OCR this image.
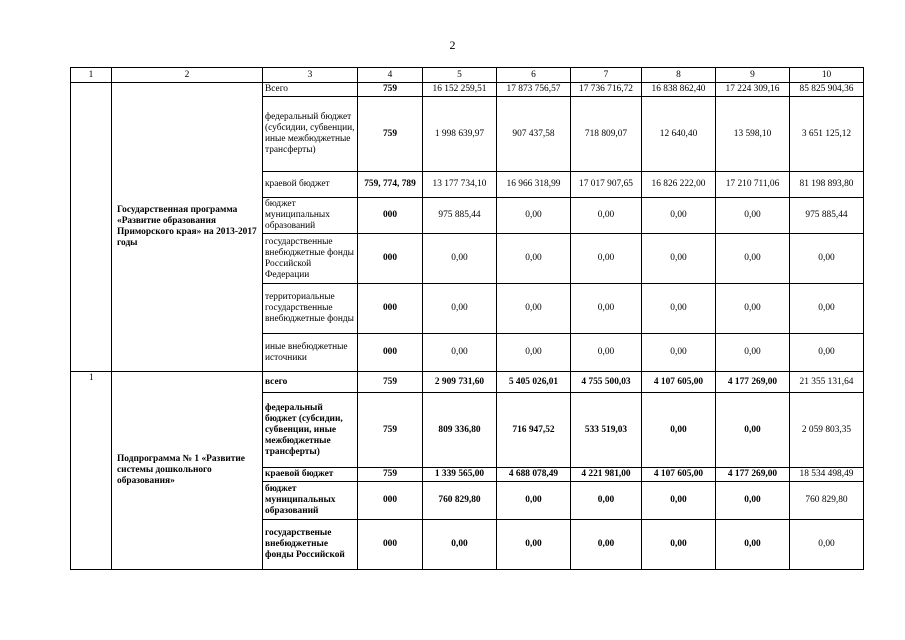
2
1	2	3	4	5	6	7	8	9	10
	Государственная программа «Развитие образования Приморского края» на 2013-2017 годы	Всего	759	16 152 259,51	17 873 756,57	17 736 716,72	16 838 862,40	17 224 309,16	85 825 904,36
		федеральный бюджет (субсидии, субвенции, иные межбюджетные трансферты)	759	1 998 639,97	907 437,58	718 809,07	12 640,40	13 598,10	3 651 125,12
		краевой бюджет	759, 774, 789	13 177 734,10	16 966 318,99	17 017 907,65	16 826 222,00	17 210 711,06	81 198 893,80
		бюджет муниципальных образований	000	975 885,44	0,00	0,00	0,00	0,00	975 885,44
		государственные внебюджетные фонды Российской Федерации	000	0,00	0,00	0,00	0,00	0,00	0,00
		территориальные государственные внебюджетные фонды	000	0,00	0,00	0,00	0,00	0,00	0,00
		иные внебюджетные источники	000	0,00	0,00	0,00	0,00	0,00	0,00
1	Подпрограмма № 1 «Развитие системы дошкольного образования»	всего	759	2 909 731,60	5 405 026,01	4 755 500,03	4 107 605,00	4 177 269,00	21 355 131,64
		федеральный бюджет (субсидии, субвенции, иные межбюджетные трансферты)	759	809 336,80	716 947,52	533 519,03	0,00	0,00	2 059 803,35
		краевой бюджет	759	1 339 565,00	4 688 078,49	4 221 981,00	4 107 605,00	4 177 269,00	18 534 498,49
		бюджет муниципальных образований	000	760 829,80	0,00	0,00	0,00	0,00	760 829,80
		государственые внебюджетные фонды Российской	000	0,00	0,00	0,00	0,00	0,00	0,00
